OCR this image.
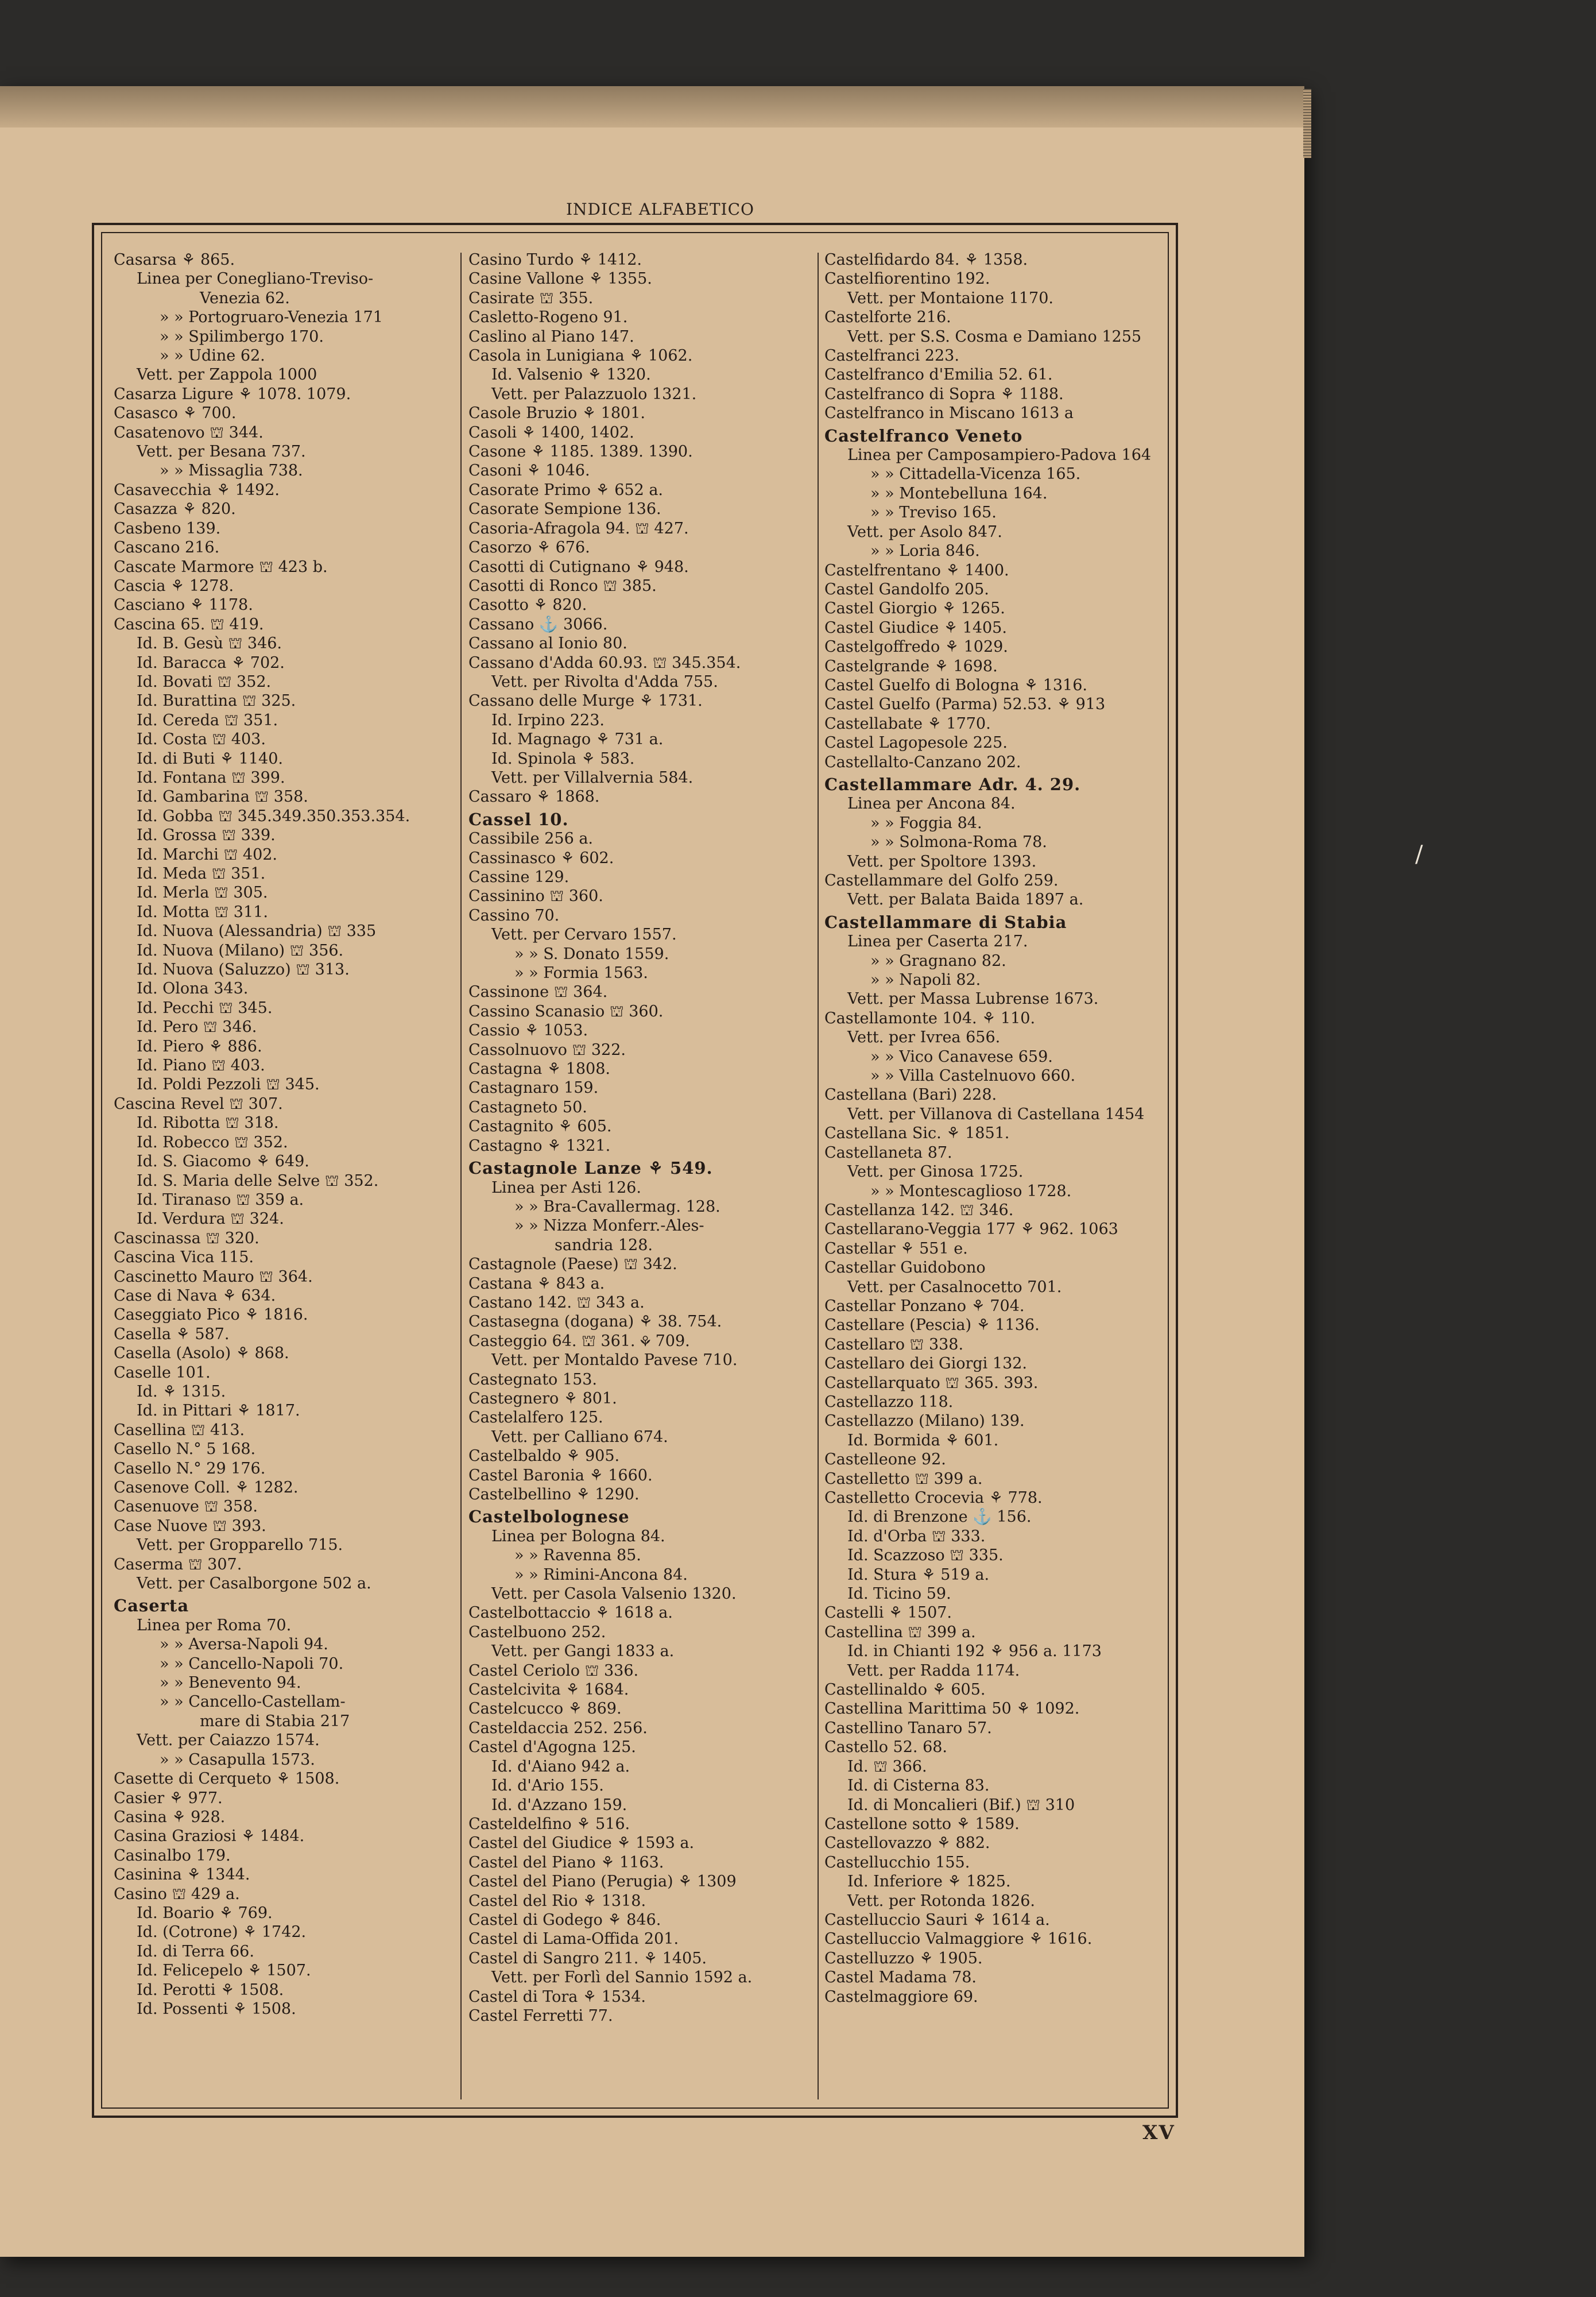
INDICE ALFABETICO
Casarsa ⚘ 865.
Linea per Conegliano-Treviso-
Venezia 62.
» » Portogruaro-Venezia 171
» » Spilimbergo 170.
» » Udine 62.
Vett. per Zappola 1000
Casarza Ligure ⚘ 1078. 1079.
Casasco ⚘ 700.
Casatenovo ⛫ 344.
Vett. per Besana 737.
» » Missaglia 738.
Casavecchia ⚘ 1492.
Casazza ⚘ 820.
Casbeno 139.
Cascano 216.
Cascate Marmore ⛫ 423 b.
Cascia ⚘ 1278.
Casciano ⚘ 1178.
Cascina 65. ⛫ 419.
Id. B. Gesù ⛫ 346.
Id. Baracca ⚘ 702.
Id. Bovati ⛫ 352.
Id. Burattina ⛫ 325.
Id. Cereda ⛫ 351.
Id. Costa ⛫ 403.
Id. di Buti ⚘ 1140.
Id. Fontana ⛫ 399.
Id. Gambarina ⛫ 358.
Id. Gobba ⛫ 345.349.350.353.354.
Id. Grossa ⛫ 339.
Id. Marchi ⛫ 402.
Id. Meda ⛫ 351.
Id. Merla ⛫ 305.
Id. Motta ⛫ 311.
Id. Nuova (Alessandria) ⛫ 335
Id. Nuova (Milano) ⛫ 356.
Id. Nuova (Saluzzo) ⛫ 313.
Id. Olona 343.
Id. Pecchi ⛫ 345.
Id. Pero ⛫ 346.
Id. Piero ⚘ 886.
Id. Piano ⛫ 403.
Id. Poldi Pezzoli ⛫ 345.
Cascina Revel ⛫ 307.
Id. Ribotta ⛫ 318.
Id. Robecco ⛫ 352.
Id. S. Giacomo ⚘ 649.
Id. S. Maria delle Selve ⛫ 352.
Id. Tiranaso ⛫ 359 a.
Id. Verdura ⛫ 324.
Cascinassa ⛫ 320.
Cascina Vica 115.
Cascinetto Mauro ⛫ 364.
Case di Nava ⚘ 634.
Caseggiato Pico ⚘ 1816.
Casella ⚘ 587.
Casella (Asolo) ⚘ 868.
Caselle 101.
Id. ⚘ 1315.
Id. in Pittari ⚘ 1817.
Casellina ⛫ 413.
Casello N.° 5 168.
Casello N.° 29 176.
Casenove Coll. ⚘ 1282.
Casenuove ⛫ 358.
Case Nuove ⛫ 393.
Vett. per Gropparello 715.
Caserma ⛫ 307.
Vett. per Casalborgone 502 a.
Caserta
Linea per Roma 70.
» » Aversa-Napoli 94.
» » Cancello-Napoli 70.
» » Benevento 94.
» » Cancello-Castellam-
mare di Stabia 217
Vett. per Caiazzo 1574.
» » Casapulla 1573.
Casette di Cerqueto ⚘ 1508.
Casier ⚘ 977.
Casina ⚘ 928.
Casina Graziosi ⚘ 1484.
Casinalbo 179.
Casinina ⚘ 1344.
Casino ⛫ 429 a.
Id. Boario ⚘ 769.
Id. (Cotrone) ⚘ 1742.
Id. di Terra 66.
Id. Felicepelo ⚘ 1507.
Id. Perotti ⚘ 1508.
Id. Possenti ⚘ 1508.
Casino Turdo ⚘ 1412.
Casine Vallone ⚘ 1355.
Casirate ⛫ 355.
Casletto-Rogeno 91.
Caslino al Piano 147.
Casola in Lunigiana ⚘ 1062.
Id. Valsenio ⚘ 1320.
Vett. per Palazzuolo 1321.
Casole Bruzio ⚘ 1801.
Casoli ⚘ 1400, 1402.
Casone ⚘ 1185. 1389. 1390.
Casoni ⚘ 1046.
Casorate Primo ⚘ 652 a.
Casorate Sempione 136.
Casoria-Afragola 94. ⛫ 427.
Casorzo ⚘ 676.
Casotti di Cutignano ⚘ 948.
Casotti di Ronco ⛫ 385.
Casotto ⚘ 820.
Cassano ⚓ 3066.
Cassano al Ionio 80.
Cassano d'Adda 60.93. ⛫ 345.354.
Vett. per Rivolta d'Adda 755.
Cassano delle Murge ⚘ 1731.
Id. Irpino 223.
Id. Magnago ⚘ 731 a.
Id. Spinola ⚘ 583.
Vett. per Villalvernia 584.
Cassaro ⚘ 1868.
Cassel 10.
Cassibile 256 a.
Cassinasco ⚘ 602.
Cassine 129.
Cassinino ⛫ 360.
Cassino 70.
Vett. per Cervaro 1557.
» » S. Donato 1559.
» » Formia 1563.
Cassinone ⛫ 364.
Cassino Scanasio ⛫ 360.
Cassio ⚘ 1053.
Cassolnuovo ⛫ 322.
Castagna ⚘ 1808.
Castagnaro 159.
Castagneto 50.
Castagnito ⚘ 605.
Castagno ⚘ 1321.
Castagnole Lanze ⚘ 549.
Linea per Asti 126.
» » Bra-Cavallermag. 128.
» » Nizza Monferr.-Ales-
sandria 128.
Castagnole (Paese) ⛫ 342.
Castana ⚘ 843 a.
Castano 142. ⛫ 343 a.
Castasegna (dogana) ⚘ 38. 754.
Casteggio 64. ⛫ 361. ⚘ 709.
Vett. per Montaldo Pavese 710.
Castegnato 153.
Castegnero ⚘ 801.
Castelalfero 125.
Vett. per Calliano 674.
Castelbaldo ⚘ 905.
Castel Baronia ⚘ 1660.
Castelbellino ⚘ 1290.
Castelbolognese
Linea per Bologna 84.
» » Ravenna 85.
» » Rimini-Ancona 84.
Vett. per Casola Valsenio 1320.
Castelbottaccio ⚘ 1618 a.
Castelbuono 252.
Vett. per Gangi 1833 a.
Castel Ceriolo ⛫ 336.
Castelcivita ⚘ 1684.
Castelcucco ⚘ 869.
Casteldaccia 252. 256.
Castel d'Agogna 125.
Id. d'Aiano 942 a.
Id. d'Ario 155.
Id. d'Azzano 159.
Casteldelfino ⚘ 516.
Castel del Giudice ⚘ 1593 a.
Castel del Piano ⚘ 1163.
Castel del Piano (Perugia) ⚘ 1309
Castel del Rio ⚘ 1318.
Castel di Godego ⚘ 846.
Castel di Lama-Offida 201.
Castel di Sangro 211. ⚘ 1405.
Vett. per Forlì del Sannio 1592 a.
Castel di Tora ⚘ 1534.
Castel Ferretti 77.
Castelfidardo 84. ⚘ 1358.
Castelfiorentino 192.
Vett. per Montaione 1170.
Castelforte 216.
Vett. per S.S. Cosma e Damiano 1255
Castelfranci 223.
Castelfranco d'Emilia 52. 61.
Castelfranco di Sopra ⚘ 1188.
Castelfranco in Miscano 1613 a
Castelfranco Veneto
Linea per Camposampiero-Padova 164
» » Cittadella-Vicenza 165.
» » Montebelluna 164.
» » Treviso 165.
Vett. per Asolo 847.
» » Loria 846.
Castelfrentano ⚘ 1400.
Castel Gandolfo 205.
Castel Giorgio ⚘ 1265.
Castel Giudice ⚘ 1405.
Castelgoffredo ⚘ 1029.
Castelgrande ⚘ 1698.
Castel Guelfo di Bologna ⚘ 1316.
Castel Guelfo (Parma) 52.53. ⚘ 913
Castellabate ⚘ 1770.
Castel Lagopesole 225.
Castellalto-Canzano 202.
Castellammare Adr. 4. 29.
Linea per Ancona 84.
» » Foggia 84.
» » Solmona-Roma 78.
Vett. per Spoltore 1393.
Castellammare del Golfo 259.
Vett. per Balata Baida 1897 a.
Castellammare di Stabia
Linea per Caserta 217.
» » Gragnano 82.
» » Napoli 82.
Vett. per Massa Lubrense 1673.
Castellamonte 104. ⚘ 110.
Vett. per Ivrea 656.
» » Vico Canavese 659.
» » Villa Castelnuovo 660.
Castellana (Bari) 228.
Vett. per Villanova di Castellana 1454
Castellana Sic. ⚘ 1851.
Castellaneta 87.
Vett. per Ginosa 1725.
» » Montescaglioso 1728.
Castellanza 142. ⛫ 346.
Castellarano-Veggia 177 ⚘ 962. 1063
Castellar ⚘ 551 e.
Castellar Guidobono
Vett. per Casalnocetto 701.
Castellar Ponzano ⚘ 704.
Castellare (Pescia) ⚘ 1136.
Castellaro ⛫ 338.
Castellaro dei Giorgi 132.
Castellarquato ⛫ 365. 393.
Castellazzo 118.
Castellazzo (Milano) 139.
Id. Bormida ⚘ 601.
Castelleone 92.
Castelletto ⛫ 399 a.
Castelletto Crocevia ⚘ 778.
Id. di Brenzone ⚓ 156.
Id. d'Orba ⛫ 333.
Id. Scazzoso ⛫ 335.
Id. Stura ⚘ 519 a.
Id. Ticino 59.
Castelli ⚘ 1507.
Castellina ⛫ 399 a.
Id. in Chianti 192 ⚘ 956 a. 1173
Vett. per Radda 1174.
Castellinaldo ⚘ 605.
Castellina Marittima 50 ⚘ 1092.
Castellino Tanaro 57.
Castello 52. 68.
Id. ⛫ 366.
Id. di Cisterna 83.
Id. di Moncalieri (Bif.) ⛫ 310
Castellone sotto ⚘ 1589.
Castellovazzo ⚘ 882.
Castellucchio 155.
Id. Inferiore ⚘ 1825.
Vett. per Rotonda 1826.
Castelluccio Sauri ⚘ 1614 a.
Castelluccio Valmaggiore ⚘ 1616.
Castelluzzo ⚘ 1905.
Castel Madama 78.
Castelmaggiore 69.
XV
/
